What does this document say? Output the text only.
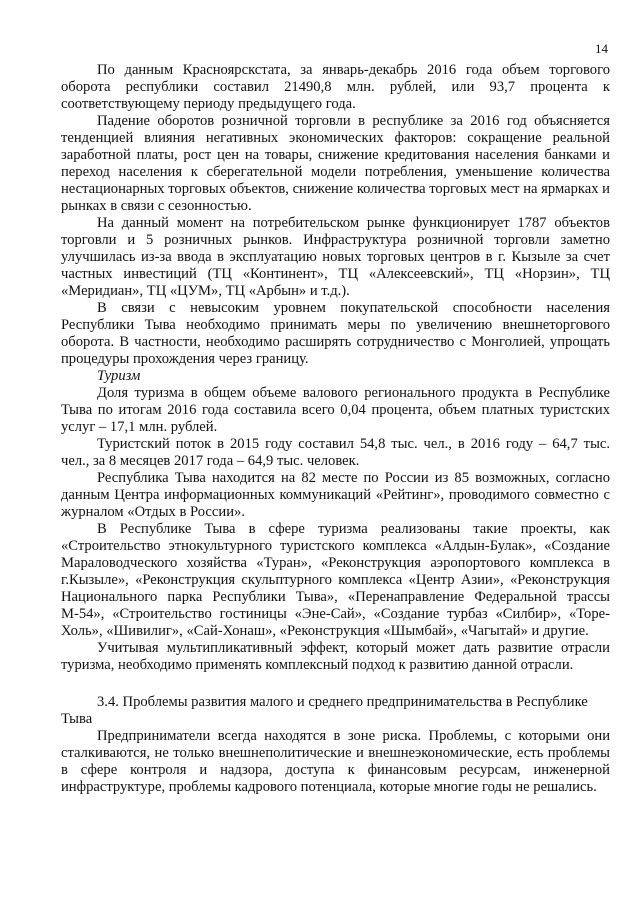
14

По данным Красноярскстата, за январь-декабрь 2016 года объем торгового оборота республики составил 21490,8 млн. рублей, или 93,7 процента к соответствующему периоду предыдущего года.

Падение оборотов розничной торговли в республике за 2016 год объясняется тенденцией влияния негативных экономических факторов: сокращение реальной заработной платы, рост цен на товары, снижение кредитования населения банками и переход населения к сберегательной модели потребления, уменьшение количества нестационарных торговых объектов, снижение количества торговых мест на ярмарках и рынках в связи с сезонностью.

На данный момент на потребительском рынке функционирует 1787 объектов торговли и 5 розничных рынков. Инфраструктура розничной торговли заметно улучшилась из-за ввода в эксплуатацию новых торговых центров в г. Кызыле за счет частных инвестиций (ТЦ «Континент», ТЦ «Алексеевский», ТЦ «Норзин», ТЦ «Меридиан», ТЦ «ЦУМ», ТЦ «Арбын» и т.д.).

В связи с невысоким уровнем покупательской способности населения Республики Тыва необходимо принимать меры по увеличению внешнеторгового оборота. В частности, необходимо расширять сотрудничество с Монголией, упрощать процедуры прохождения через границу.

Туризм

Доля туризма в общем объеме валового регионального продукта в Республике Тыва по итогам 2016 года составила всего 0,04 процента, объем платных туристских услуг – 17,1 млн. рублей.

Туристский поток в 2015 году составил 54,8 тыс. чел., в 2016 году – 64,7 тыс. чел., за 8 месяцев 2017 года – 64,9 тыс. человек.

Республика Тыва находится на 82 месте по России из 85 возможных, согласно данным Центра информационных коммуникаций «Рейтинг», проводимого совместно с журналом «Отдых в России».

В Республике Тыва в сфере туризма реализованы такие проекты, как «Строительство этнокультурного туристского комплекса «Алдын-Булак», «Создание Мараловодческого хозяйства «Туран», «Реконструкция аэропортового комплекса в г.Кызыле», «Реконструкция скульптурного комплекса «Центр Азии», «Реконструкция Национального парка Республики Тыва», «Перенаправление Федеральной трассы М-54», «Строительство гостиницы «Эне-Сай», «Создание турбаз «Силбир», «Торе-Холь», «Шивилиг», «Сай-Хонаш», «Реконструкция «Шымбай», «Чагытай» и другие.

Учитывая мультипликативный эффект, который может дать развитие отрасли туризма, необходимо применять комплексный подход к развитию данной отрасли.

3.4. Проблемы развития малого и среднего предпринимательства в Республике Тыва

Предприниматели всегда находятся в зоне риска. Проблемы, с которыми они сталкиваются, не только внешнеполитические и внешнеэкономические, есть проблемы в сфере контроля и надзора, доступа к финансовым ресурсам, инженерной инфраструктуре, проблемы кадрового потенциала, которые многие годы не решались.
